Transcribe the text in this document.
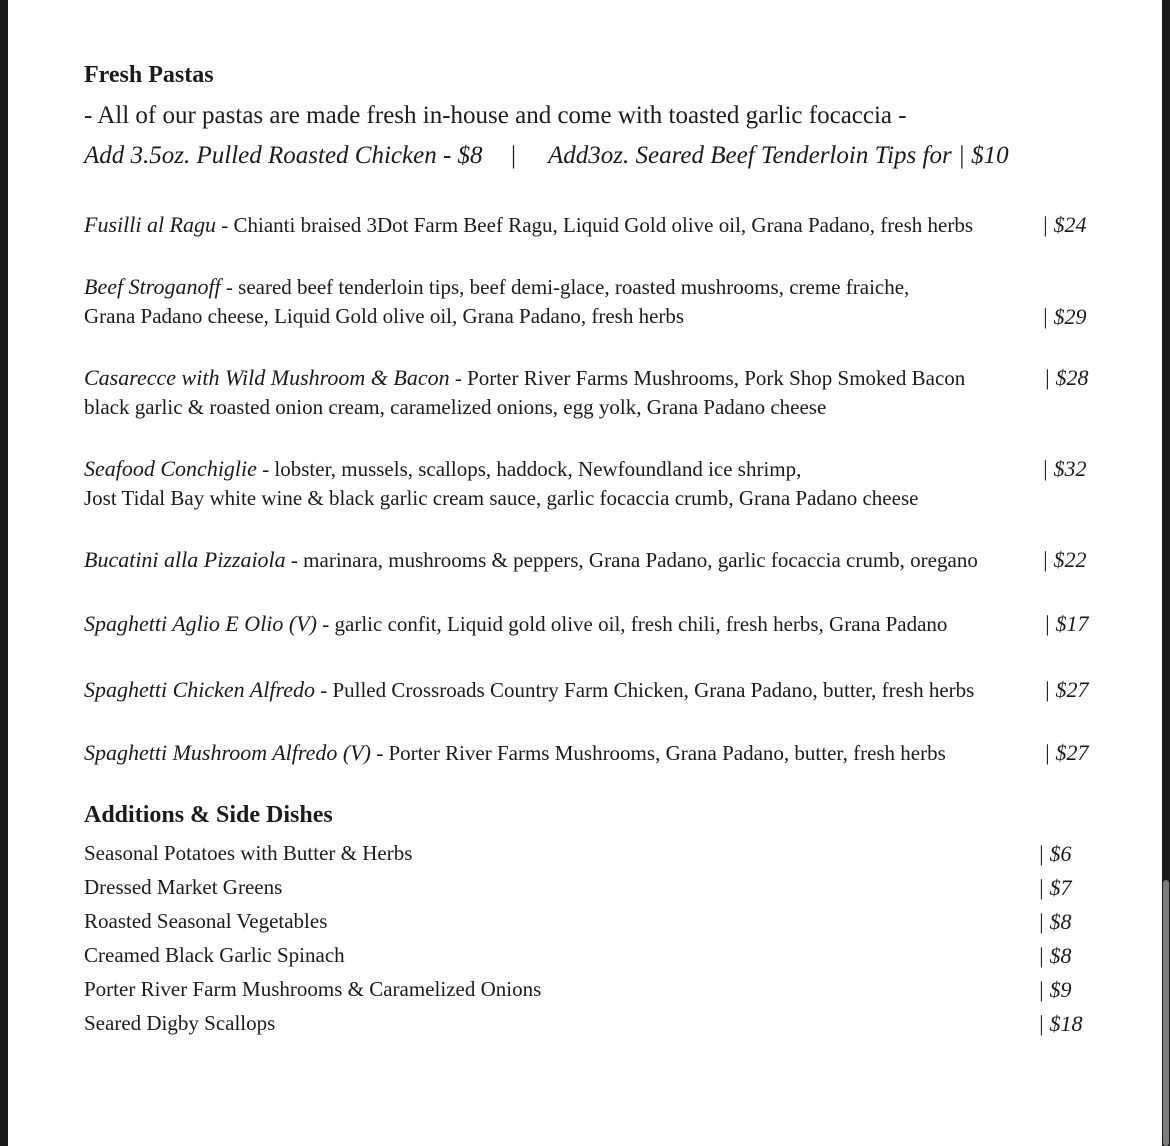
Fresh Pastas
- All of our pastas are made fresh in-house and come with toasted garlic focaccia -
Add 3.5oz. Pulled Roasted Chicken - $8 | Add3oz. Seared Beef Tenderloin Tips for | $10
Fusilli al Ragu - Chianti braised 3Dot Farm Beef Ragu, Liquid Gold olive oil, Grana Padano, fresh herbs	| $24
Beef Stroganoff - seared beef tenderloin tips, beef demi-glace, roasted mushrooms, creme fraiche,
Grana Padano cheese, Liquid Gold olive oil, Grana Padano, fresh herbs	| $29
Casarecce with Wild Mushroom & Bacon - Porter River Farms Mushrooms, Pork Shop Smoked Bacon	| $28
black garlic & roasted onion cream, caramelized onions, egg yolk, Grana Padano cheese
Seafood Conchiglie - lobster, mussels, scallops, haddock, Newfoundland ice shrimp,	| $32
Jost Tidal Bay white wine & black garlic cream sauce, garlic focaccia crumb, Grana Padano cheese
Bucatini alla Pizzaiola - marinara, mushrooms & peppers, Grana Padano, garlic focaccia crumb, oregano	| $22
Spaghetti Aglio E Olio (V) - garlic confit, Liquid gold olive oil, fresh chili, fresh herbs, Grana Padano	| $17
Spaghetti Chicken Alfredo - Pulled Crossroads Country Farm Chicken, Grana Padano, butter, fresh herbs	| $27
Spaghetti Mushroom Alfredo (V) - Porter River Farms Mushrooms, Grana Padano, butter, fresh herbs	| $27
Additions & Side Dishes
Seasonal Potatoes with Butter & Herbs	| $6
Dressed Market Greens	| $7
Roasted Seasonal Vegetables	| $8
Creamed Black Garlic Spinach	| $8
Porter River Farm Mushrooms & Caramelized Onions	| $9
Seared Digby Scallops	| $18
